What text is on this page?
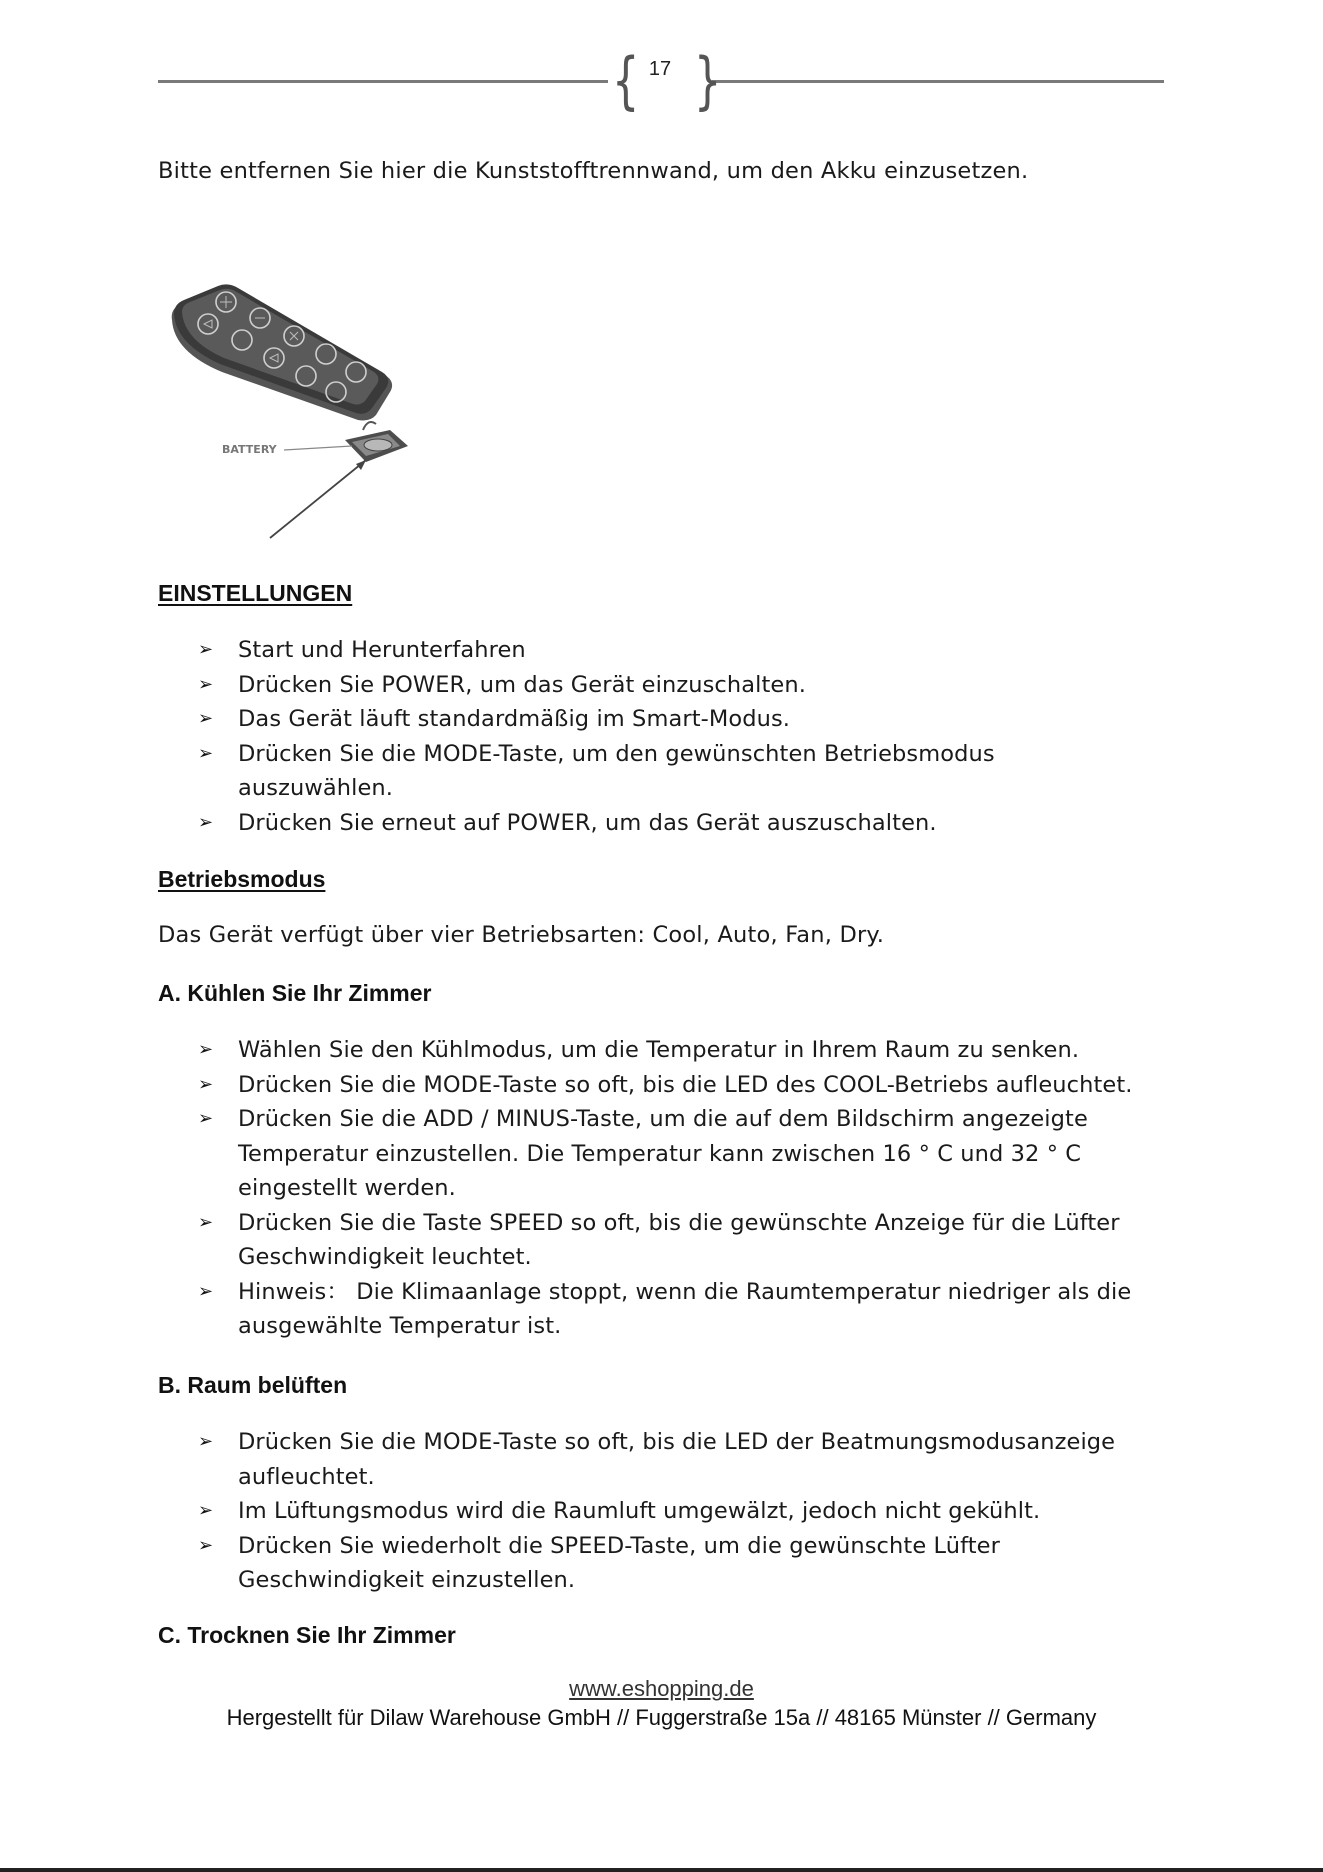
{ }
17
Bitte entfernen Sie hier die Kunststofftrennwand, um den Akku einzusetzen.
BATTERY
EINSTELLUNGEN
➢ Start und Herunterfahren
➢ Drücken Sie POWER, um das Gerät einzuschalten.
➢ Das Gerät läuft standardmäßig im Smart-Modus.
➢ Drücken Sie die MODE-Taste, um den gewünschten Betriebsmodus auszuwählen.
➢ Drücken Sie erneut auf POWER, um das Gerät auszuschalten.
Betriebsmodus
Das Gerät verfügt über vier Betriebsarten: Cool, Auto, Fan, Dry.
A. Kühlen Sie Ihr Zimmer
➢ Wählen Sie den Kühlmodus, um die Temperatur in Ihrem Raum zu senken.
➢ Drücken Sie die MODE-Taste so oft, bis die LED des COOL-Betriebs aufleuchtet.
➢ Drücken Sie die ADD / MINUS-Taste, um die auf dem Bildschirm angezeigte Temperatur einzustellen. Die Temperatur kann zwischen 16 ° C und 32 ° C eingestellt werden.
➢ Drücken Sie die Taste SPEED so oft, bis die gewünschte Anzeige für die Lüfter Geschwindigkeit leuchtet.
➢ Hinweis： Die Klimaanlage stoppt, wenn die Raumtemperatur niedriger als die ausgewählte Temperatur ist.
B. Raum belüften
➢ Drücken Sie die MODE-Taste so oft, bis die LED der Beatmungsmodusanzeige aufleuchtet.
➢ Im Lüftungsmodus wird die Raumluft umgewälzt, jedoch nicht gekühlt.
➢ Drücken Sie wiederholt die SPEED-Taste, um die gewünschte Lüfter Geschwindigkeit einzustellen.
C. Trocknen Sie Ihr Zimmer
www.eshopping.de
Hergestellt für Dilaw Warehouse GmbH // Fuggerstraße 15a // 48165 Münster // Germany
